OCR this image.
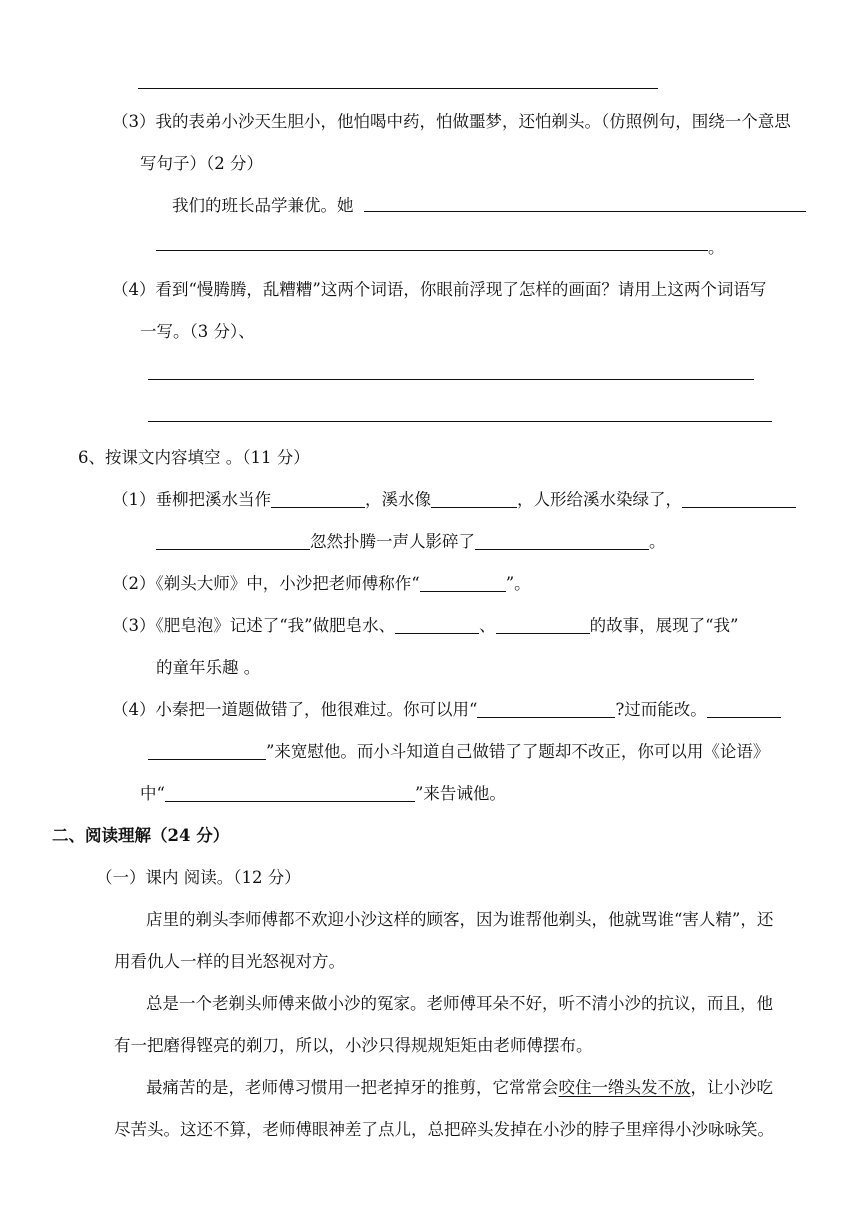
（3）我的表弟小沙天生胆小，他怕喝中药，怕做噩梦，还怕剃头。（仿照例句，围绕一个意思
写句子）（2 分）
我们的班长品学兼优。她
。
（4）看到“慢腾腾，乱糟糟”这两个词语，你眼前浮现了怎样的画面？请用上这两个词语写
一写。（3 分）、
6、按课文内容填空 。（11 分）
（1）垂柳把溪水当作	，溪水像	，人形给溪水染绿了，
忽然扑腾一声人影碎了	。
（2）《剃头大师》中，小沙把老师傅称作“	”。
（3）《肥皂泡》记述了“我”做肥皂水、	、	的故事，展现了“我”
的童年乐趣 。
（4）小秦把一道题做错了，他很难过。你可以用“	?过而能改。
”来宽慰他。而小斗知道自己做错了了题却不改正，你可以用《论语》
中“	”来告诫他。
二、阅读理解（24 分）
（一）课内 阅读。（12 分）
店里的剃头李师傅都不欢迎小沙这样的顾客，因为谁帮他剃头，他就骂谁“害人精”，还
用看仇人一样的目光怒视对方。
总是一个老剃头师傅来做小沙的冤家。老师傅耳朵不好，听不清小沙的抗议，而且，他
有一把磨得铿亮的剃刀，所以，小沙只得规规矩矩由老师傅摆布。
最痛苦的是，老师傅习惯用一把老掉牙的推剪，它常常会咬住一绺头发不放，让小沙吃
尽苦头。这还不算，老师傅眼神差了点儿，总把碎头发掉在小沙的脖子里痒得小沙咏咏笑。
